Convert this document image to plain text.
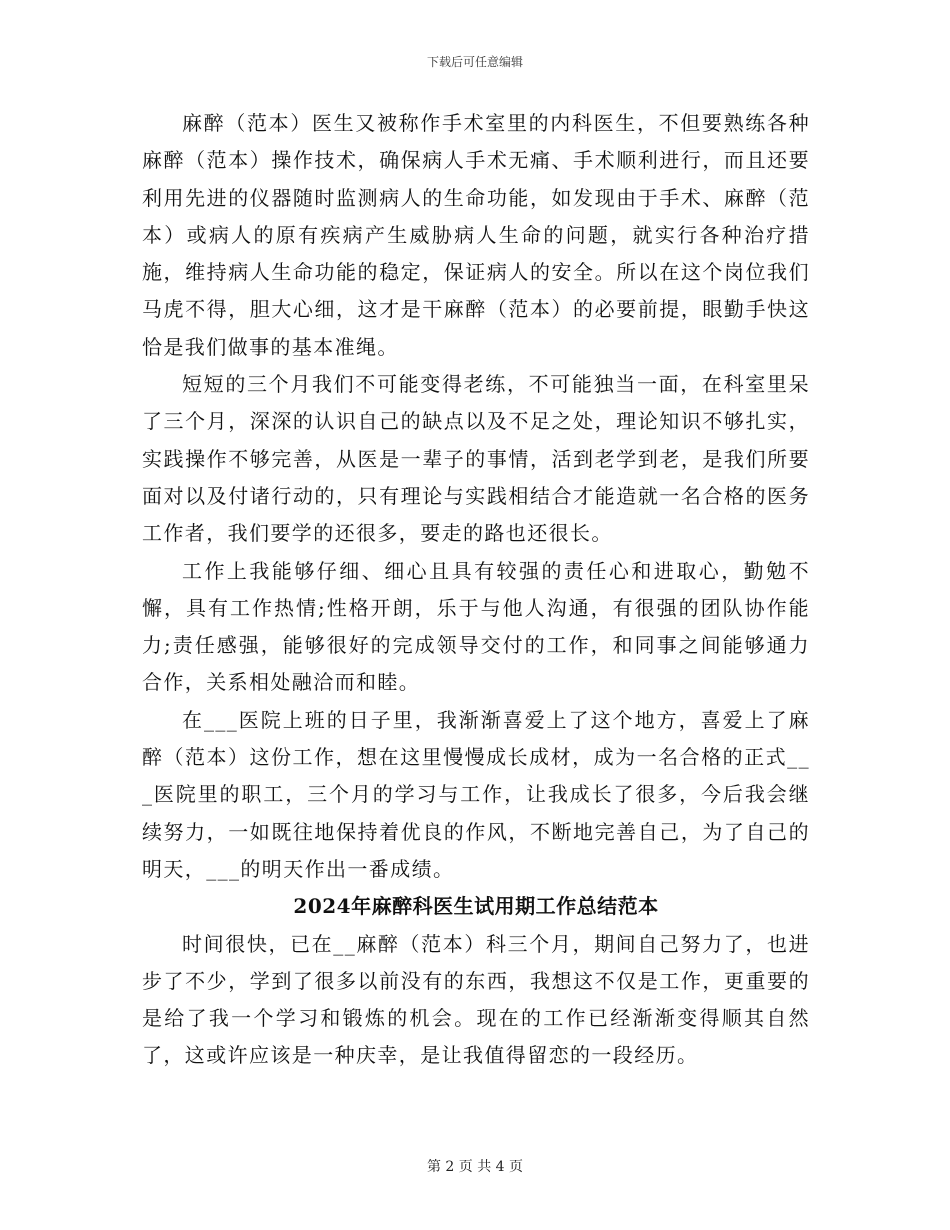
下载后可任意编辑

麻醉（范本）医生又被称作手术室里的内科医生，不但要熟练各种麻醉（范本）操作技术，确保病人手术无痛、手术顺利进行，而且还要利用先进的仪器随时监测病人的生命功能，如发现由于手术、麻醉（范本）或病人的原有疾病产生威胁病人生命的问题，就实行各种治疗措施，维持病人生命功能的稳定，保证病人的安全。所以在这个岗位我们马虎不得，胆大心细，这才是干麻醉（范本）的必要前提，眼勤手快这恰是我们做事的基本准绳。

短短的三个月我们不可能变得老练，不可能独当一面，在科室里呆了三个月，深深的认识自己的缺点以及不足之处，理论知识不够扎实，实践操作不够完善，从医是一辈子的事情，活到老学到老，是我们所要面对以及付诸行动的，只有理论与实践相结合才能造就一名合格的医务工作者，我们要学的还很多，要走的路也还很长。

工作上我能够仔细、细心且具有较强的责任心和进取心，勤勉不懈，具有工作热情;性格开朗，乐于与他人沟通，有很强的团队协作能力;责任感强，能够很好的完成领导交付的工作，和同事之间能够通力合作，关系相处融洽而和睦。

在___医院上班的日子里，我渐渐喜爱上了这个地方，喜爱上了麻醉（范本）这份工作，想在这里慢慢成长成材，成为一名合格的正式___医院里的职工，三个月的学习与工作，让我成长了很多，今后我会继续努力，一如既往地保持着优良的作风，不断地完善自己，为了自己的明天，___的明天作出一番成绩。

2024年麻醉科医生试用期工作总结范本

时间很快，已在__麻醉（范本）科三个月，期间自己努力了，也进步了不少，学到了很多以前没有的东西，我想这不仅是工作，更重要的是给了我一个学习和锻炼的机会。现在的工作已经渐渐变得顺其自然了，这或许应该是一种庆幸，是让我值得留恋的一段经历。

第 2 页 共 4 页
